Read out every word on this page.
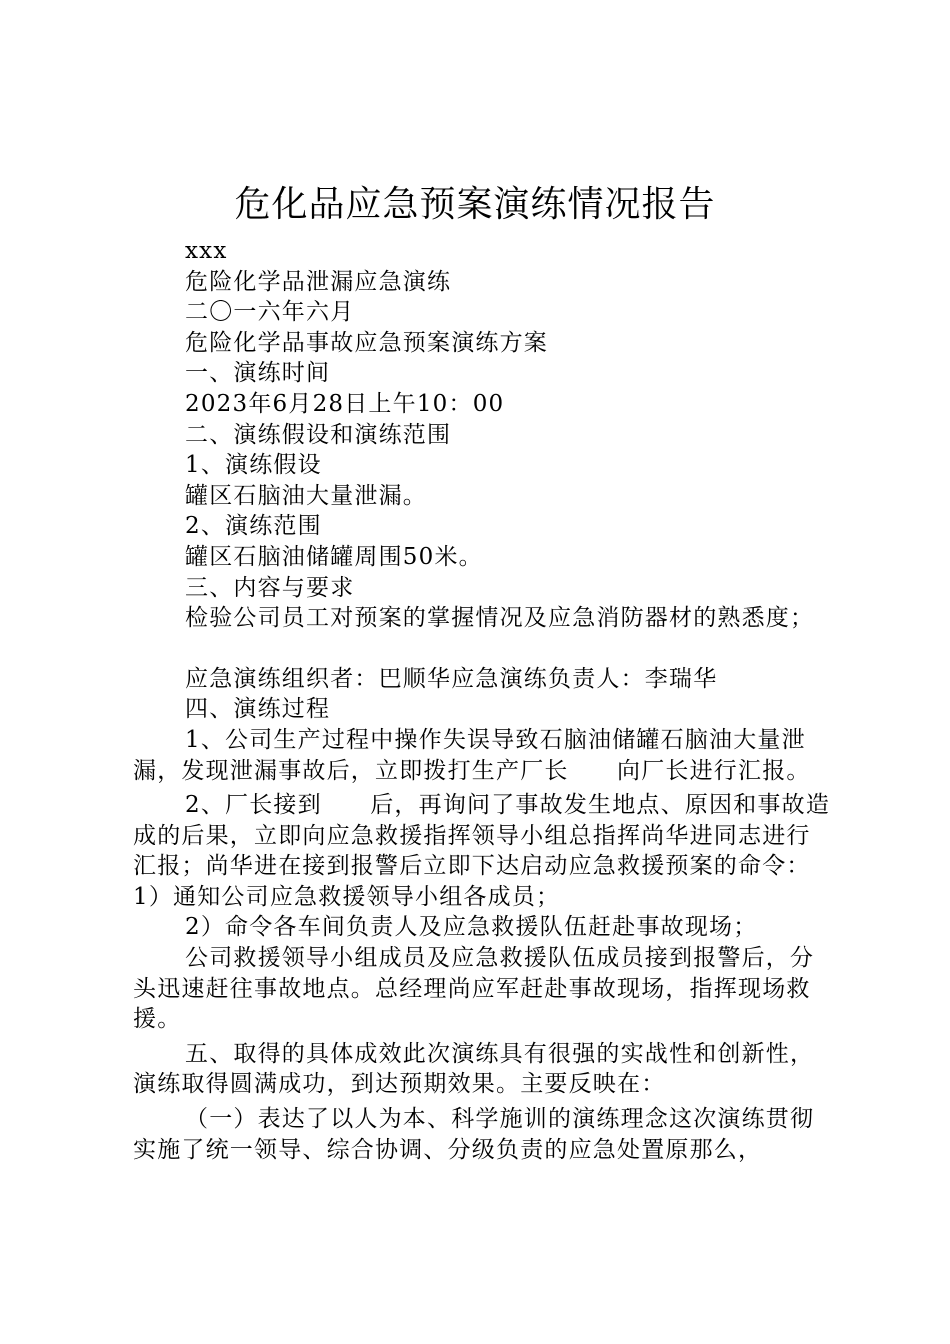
危化品应急预案演练情况报告
xxx
危险化学品泄漏应急演练
二〇一六年六月
危险化学品事故应急预案演练方案
一、演练时间
2023年6月28日上午10：00
二、演练假设和演练范围
1、演练假设
罐区石脑油大量泄漏。
2、演练范围
罐区石脑油储罐周围50米。
三、内容与要求
检验公司员工对预案的掌握情况及应急消防器材的熟悉度；
应急演练组织者：巴顺华应急演练负责人：李瑞华
四、演练过程

1、公司生产过程中操作失误导致石脑油储罐石脑油大量泄漏，发现泄漏事故后，立即拨打生产厂长　　向厂长进行汇报。

2、厂长接到　　后，再询问了事故发生地点、原因和事故造成的后果，立即向应急救援指挥领导小组总指挥尚华进同志进行汇报；尚华进在接到报警后立即下达启动应急救援预案的命令：1）通知公司应急救援领导小组各成员；

2）命令各车间负责人及应急救援队伍赶赴事故现场；

公司救援领导小组成员及应急救援队伍成员接到报警后，分头迅速赶往事故地点。总经理尚应军赶赴事故现场，指挥现场救援。

五、取得的具体成效此次演练具有很强的实战性和创新性，演练取得圆满成功，到达预期效果。主要反映在：

（一）表达了以人为本、科学施训的演练理念这次演练贯彻实施了统一领导、综合协调、分级负责的应急处置原那么，
